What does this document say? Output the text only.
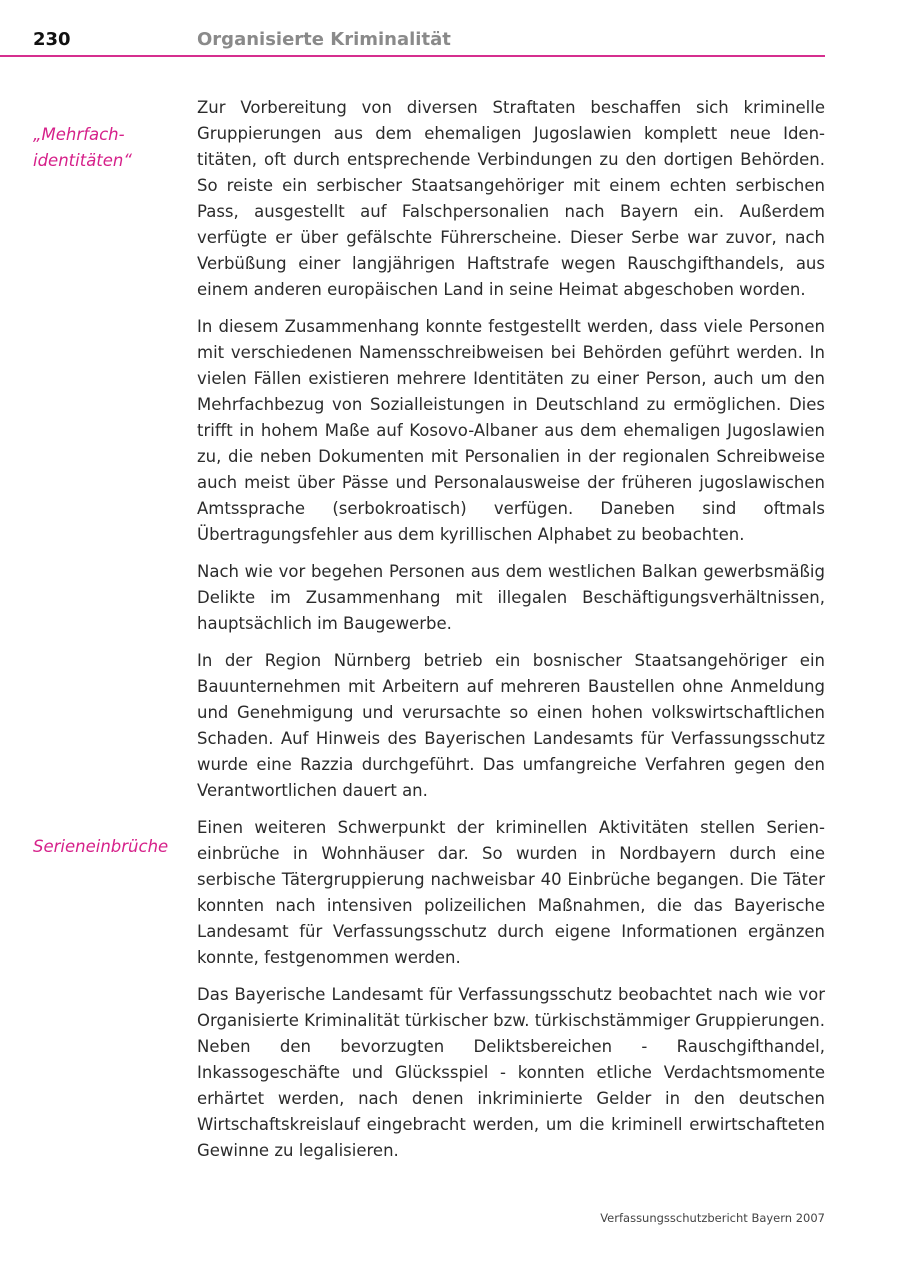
230	Organisierte Kriminalität
„Mehrfach-
identitäten“
Serieneinbrüche

Zur Vorbereitung von diversen Straftaten beschaffen sich kriminelle Gruppierungen aus dem ehemaligen Jugoslawien komplett neue Identitäten, oft durch entsprechende Verbindungen zu den dortigen Behörden. So reiste ein serbischer Staatsangehöriger mit einem echten serbischen Pass, ausgestellt auf Falschpersonalien nach Bayern ein. Außerdem verfügte er über gefälschte Führerscheine. Dieser Serbe war zuvor, nach Verbüßung einer langjährigen Haftstrafe wegen Rauschgifthandels, aus einem anderen europäischen Land in seine Heimat abgeschoben worden.

In diesem Zusammenhang konnte festgestellt werden, dass viele Personen mit verschiedenen Namensschreibweisen bei Behörden geführt werden. In vielen Fällen existieren mehrere Identitäten zu einer Person, auch um den Mehrfachbezug von Sozialleistungen in Deutschland zu ermöglichen. Dies trifft in hohem Maße auf Kosovo-Albaner aus dem ehemaligen Jugoslawien zu, die neben Dokumenten mit Personalien in der regionalen Schreibweise auch meist über Pässe und Personalausweise der früheren jugoslawischen Amtssprache (serbokroatisch) verfügen. Daneben sind oftmals Übertragungsfehler aus dem kyrillischen Alphabet zu beobachten.

Nach wie vor begehen Personen aus dem westlichen Balkan gewerbsmäßig Delikte im Zusammenhang mit illegalen Beschäftigungsverhältnissen, hauptsächlich im Baugewerbe.

In der Region Nürnberg betrieb ein bosnischer Staatsangehöriger ein Bauunternehmen mit Arbeitern auf mehreren Baustellen ohne Anmeldung und Genehmigung und verursachte so einen hohen volkswirtschaftlichen Schaden. Auf Hinweis des Bayerischen Landesamts für Verfassungsschutz wurde eine Razzia durchgeführt. Das umfangreiche Verfahren gegen den Verantwortlichen dauert an.

Einen weiteren Schwerpunkt der kriminellen Aktivitäten stellen Serieneinbrüche in Wohnhäuser dar. So wurden in Nordbayern durch eine serbische Tätergruppierung nachweisbar 40 Einbrüche begangen. Die Täter konnten nach intensiven polizeilichen Maßnahmen, die das Bayerische Landesamt für Verfassungsschutz durch eigene Informationen ergänzen konnte, festgenommen werden.

Das Bayerische Landesamt für Verfassungsschutz beobachtet nach wie vor Organisierte Kriminalität türkischer bzw. türkischstämmiger Gruppierungen. Neben den bevorzugten Deliktsbereichen - Rauschgifthandel, Inkassogeschäfte und Glücksspiel - konnten etliche Verdachtsmomente erhärtet werden, nach denen inkriminierte Gelder in den deutschen Wirtschaftskreislauf eingebracht werden, um die kriminell erwirtschafteten Gewinne zu legalisieren.

Verfassungsschutzbericht Bayern 2007
